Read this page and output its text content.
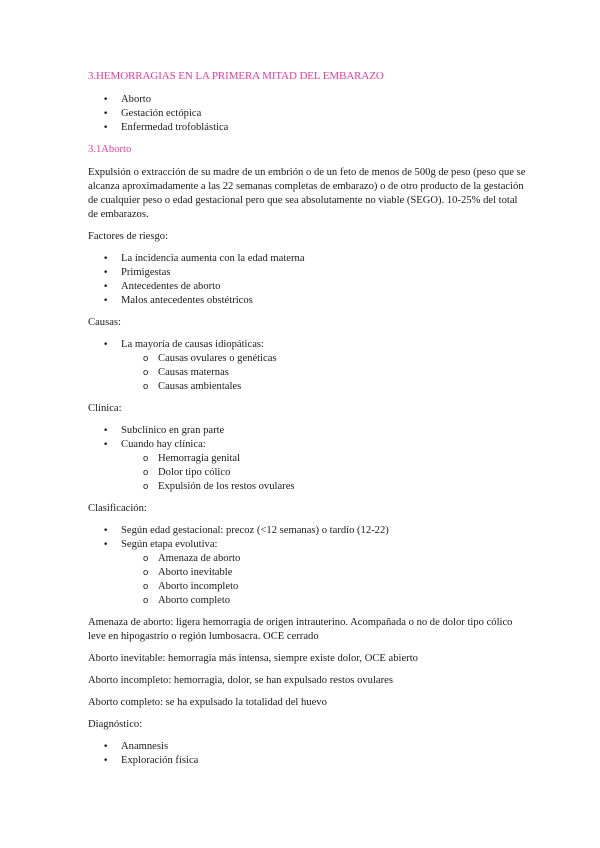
3.HEMORRAGIAS EN LA PRIMERA MITAD DEL EMBARAZO
• Aborto
• Gestación ectópica
• Enfermedad trofoblástica
3.1Aborto

Expulsión o extracción de su madre de un embrión o de un feto de menos de 500g de peso (peso que se alcanza aproximadamente a las 22 semanas completas de embarazo) o de otro producto de la gestación de cualquier peso o edad gestacional pero que sea absolutamente no viable (SEGO). 10-25% del total de embarazos.

Factores de riesgo:

• La incidencia aumenta con la edad materna
• Primigestas
• Antecedentes de aborto
• Malos antecedentes obstétricos

Causas:

• La mayoría de causas idiopáticas:
o Causas ovulares o genéticas
o Causas maternas
o Causas ambientales

Clínica:

• Subclínico en gran parte
• Cuando hay clínica:
o Hemorragia genital
o Dolor tipo cólico
o Expulsión de los restos ovulares

Clasificación:

• Según edad gestacional: precoz (<12 semanas) o tardío (12-22)
• Según etapa evolutiva:
o Amenaza de aborto
o Aborto inevitable
o Aborto incompleto
o Aborto completo

Amenaza de aborto: ligera hemorragia de origen intrauterino. Acompañada o no de dolor tipo cólico leve en hipogastrio o región lumbosacra. OCE cerrado

Aborto inevitable: hemorragia más intensa, siempre existe dolor, OCE abierto

Aborto incompleto: hemorragia, dolor, se han expulsado restos ovulares

Aborto completo: se ha expulsado la totalidad del huevo

Diagnóstico:

• Anamnesis
• Exploración física
